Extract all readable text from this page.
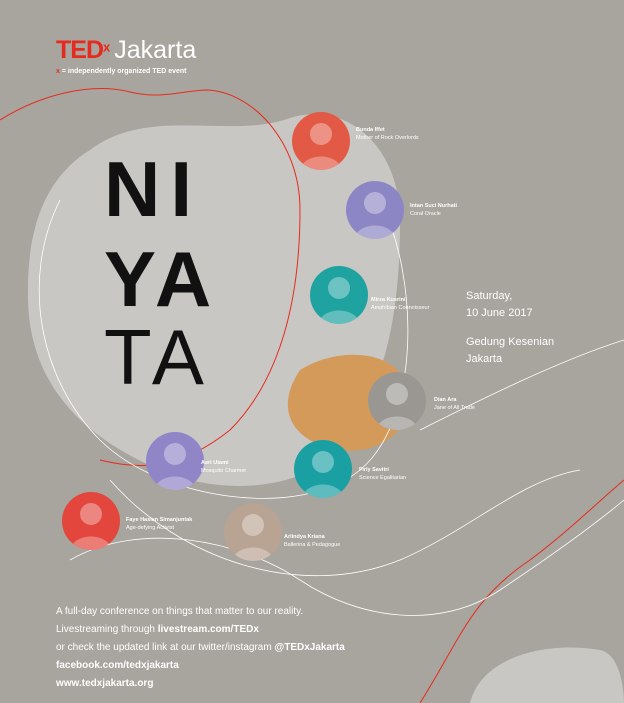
TED$^x$ Jakarta
x = independently organized TED event
NI
YA
TA
Bunda Iffet
Mother of Rock Overlords
Intan Suci Nurhati
Coral Oracle
Mirza Kusrini
Amphibian Connoisseur
Dian Ara
Jane of All Trade
Firly Savitri
Science Egalitarian
Asri Utami
Mosquito Charmer
Faye Hasian Simanjuntak
Age-defying Activist
Arlindya Kriana
Ballerina & Pedagogue
Saturday,
10 June 2017
Gedung Kesenian
Jakarta
A full-day conference on things that matter to our reality.
Livestreaming through livestream.com/TEDx
or check the updated link at our twitter/instagram @TEDxJakarta
facebook.com/tedxjakarta
www.tedxjakarta.org
